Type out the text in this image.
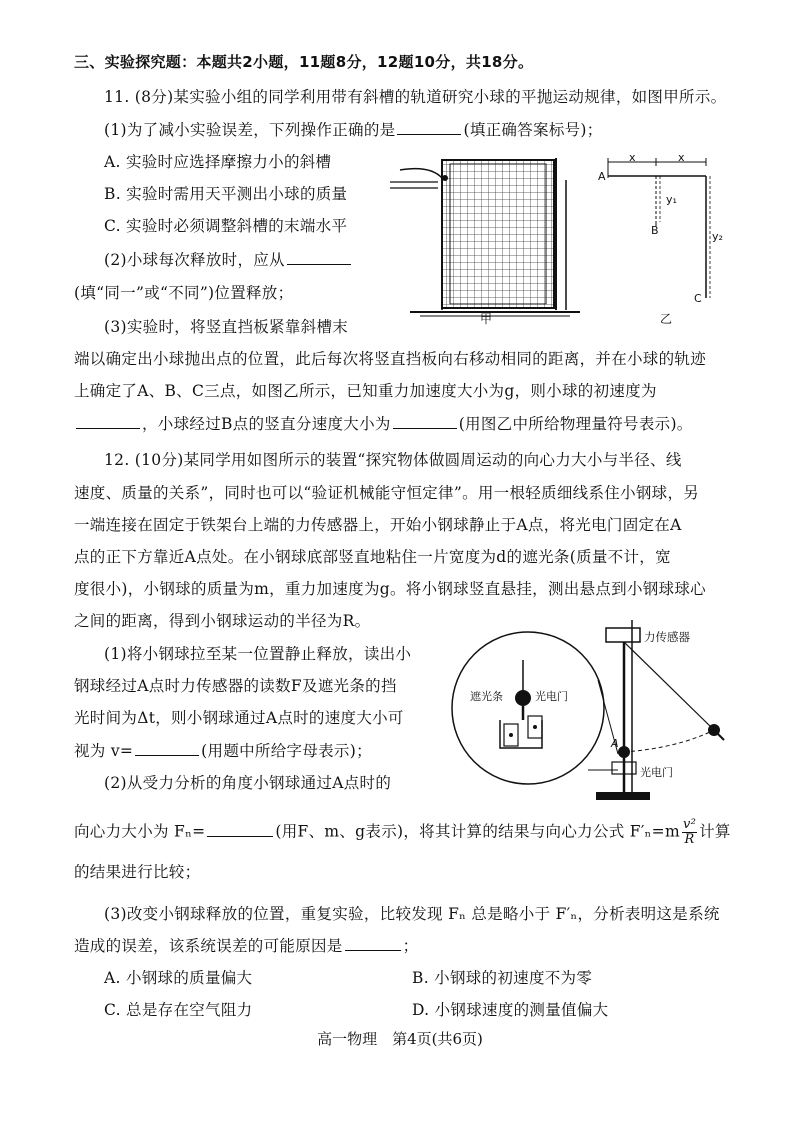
三、实验探究题：本题共2小题，11题8分，12题10分，共18分。
11. (8分)某实验小组的同学利用带有斜槽的轨道研究小球的平抛运动规律，如图甲所示。
(1)为了减小实验误差，下列操作正确的是	(填正确答案标号)；
A. 实验时应选择摩擦力小的斜槽
B. 实验时需用天平测出小球的质量
C. 实验时必须调整斜槽的末端水平
(2)小球每次释放时，应从
(填“同一”或“不同”)位置释放；
(3)实验时，将竖直挡板紧靠斜槽末
端以确定出小球抛出点的位置，此后每次将竖直挡板向右移动相同的距离，并在小球的轨迹
上确定了A、B、C三点，如图乙所示，已知重力加速度大小为g，则小球的初速度为
，小球经过B点的竖直分速度大小为	(用图乙中所给物理量符号表示)。
甲
x	x
A
B
C
y₁
y₂
乙
12. (10分)某同学用如图所示的装置“探究物体做圆周运动的向心力大小与半径、线
速度、质量的关系”，同时也可以“验证机械能守恒定律”。用一根轻质细线系住小钢球，另
一端连接在固定于铁架台上端的力传感器上，开始小钢球静止于A点，将光电门固定在A
点的正下方靠近A点处。在小钢球底部竖直地粘住一片宽度为d的遮光条(质量不计，宽
度很小)，小钢球的质量为m，重力加速度为g。将小钢球竖直悬挂，测出悬点到小钢球球心
之间的距离，得到小钢球运动的半径为R。
(1)将小钢球拉至某一位置静止释放，读出小
钢球经过A点时力传感器的读数F及遮光条的挡
光时间为Δt，则小钢球通过A点时的速度大小可
视为 v=	(用题中所给字母表示)；
(2)从受力分析的角度小钢球通过A点时的
向心力大小为 Fₙ=	(用F、m、g表示)，将其计算的结果与向心力公式 $F'_n=m \frac{\text{v²}}{R}$ 计算
的结果进行比较；
(3)改变小钢球释放的位置，重复实验，比较发现 Fₙ 总是略小于 F′ₙ，分析表明这是系统
造成的误差，该系统误差的可能原因是	；
A. 小钢球的质量偏大	B. 小钢球的初速度不为零
C. 总是存在空气阻力	D. 小钢球速度的测量值偏大
力传感器
遮光条	光电门
光电门
A
高一物理　第4页(共6页)
